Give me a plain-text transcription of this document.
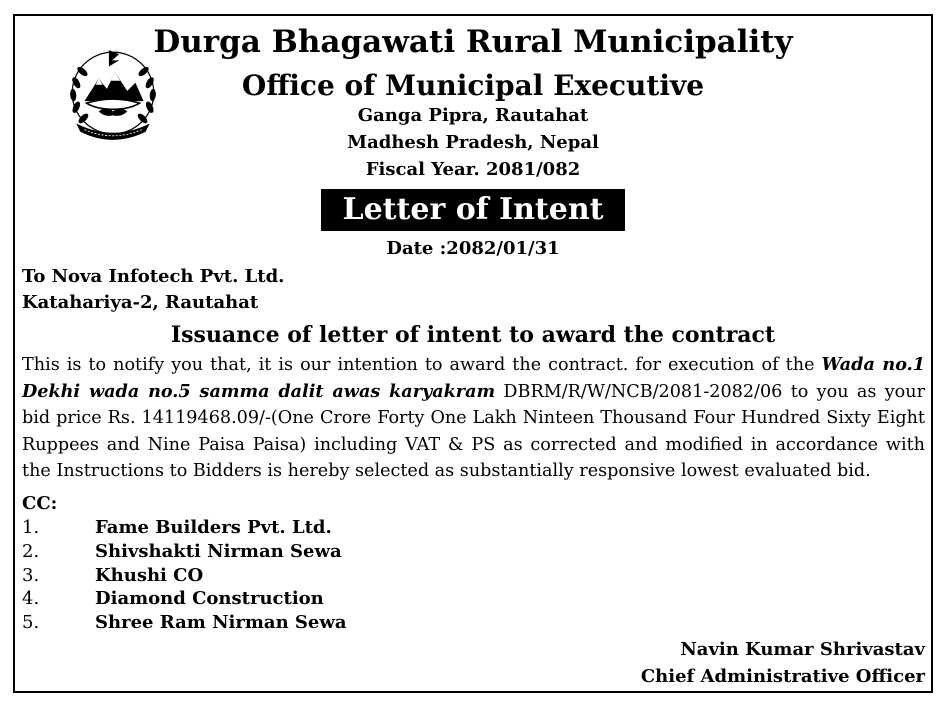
Durga Bhagawati Rural Municipality
Office of Municipal Executive
Ganga Pipra, Rautahat
Madhesh Pradesh, Nepal
Fiscal Year. 2081/082
Letter of Intent
Date :2082/01/31
To Nova Infotech Pvt. Ltd.
Katahariya-2, Rautahat
Issuance of letter of intent to award the contract
This is to notify you that, it is our intention to award the contract. for execution of the Wada no.1 Dekhi wada no.5 samma dalit awas karyakram DBRM/R/W/NCB/2081-2082/06 to you as your bid price Rs. 14119468.09/-(One Crore Forty One Lakh Ninteen Thousand Four Hundred Sixty Eight Ruppees and Nine Paisa Paisa) including VAT & PS as corrected and modified in accordance with the Instructions to Bidders is hereby selected as substantially responsive lowest evaluated bid.
CC:
1.	Fame Builders Pvt. Ltd.
2.	Shivshakti Nirman Sewa
3.	Khushi CO
4.	Diamond Construction
5.	Shree Ram Nirman Sewa
Navin Kumar Shrivastav
Chief Administrative Officer
